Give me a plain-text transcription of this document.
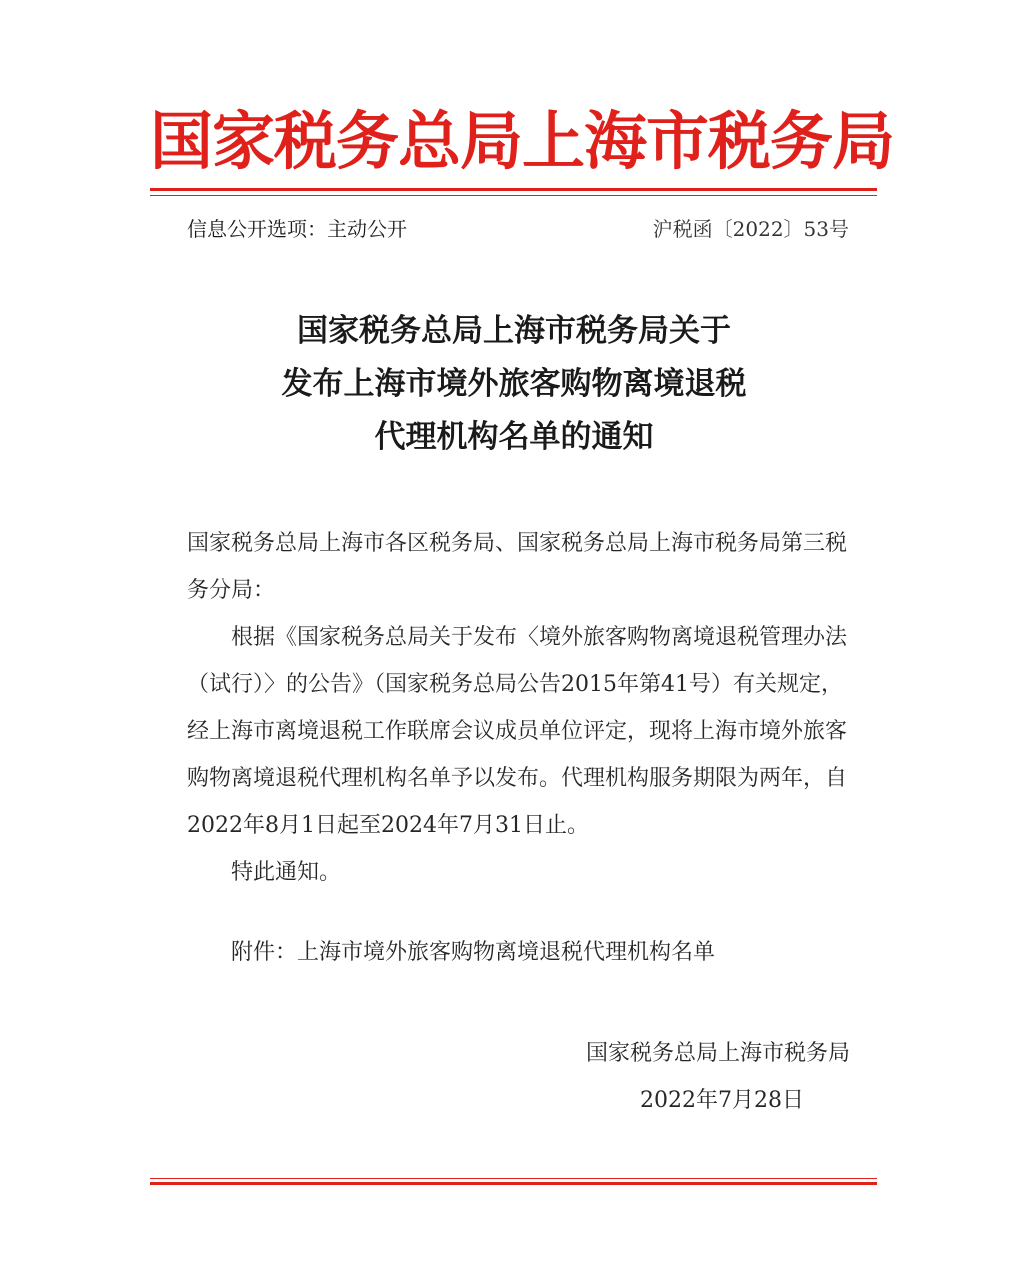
国家税务总局上海市税务局
信息公开选项：主动公开	沪税函〔2022〕53号
国家税务总局上海市税务局关于
发布上海市境外旅客购物离境退税
代理机构名单的通知

国家税务总局上海市各区税务局、国家税务总局上海市税务局第三税务分局：

根据《国家税务总局关于发布〈境外旅客购物离境退税管理办法（试行）〉的公告》（国家税务总局公告2015年第41号）有关规定，经上海市离境退税工作联席会议成员单位评定，现将上海市境外旅客购物离境退税代理机构名单予以发布。代理机构服务期限为两年，自2022年8月1日起至2024年7月31日止。

特此通知。

附件：上海市境外旅客购物离境退税代理机构名单

国家税务总局上海市税务局
2022年7月28日
